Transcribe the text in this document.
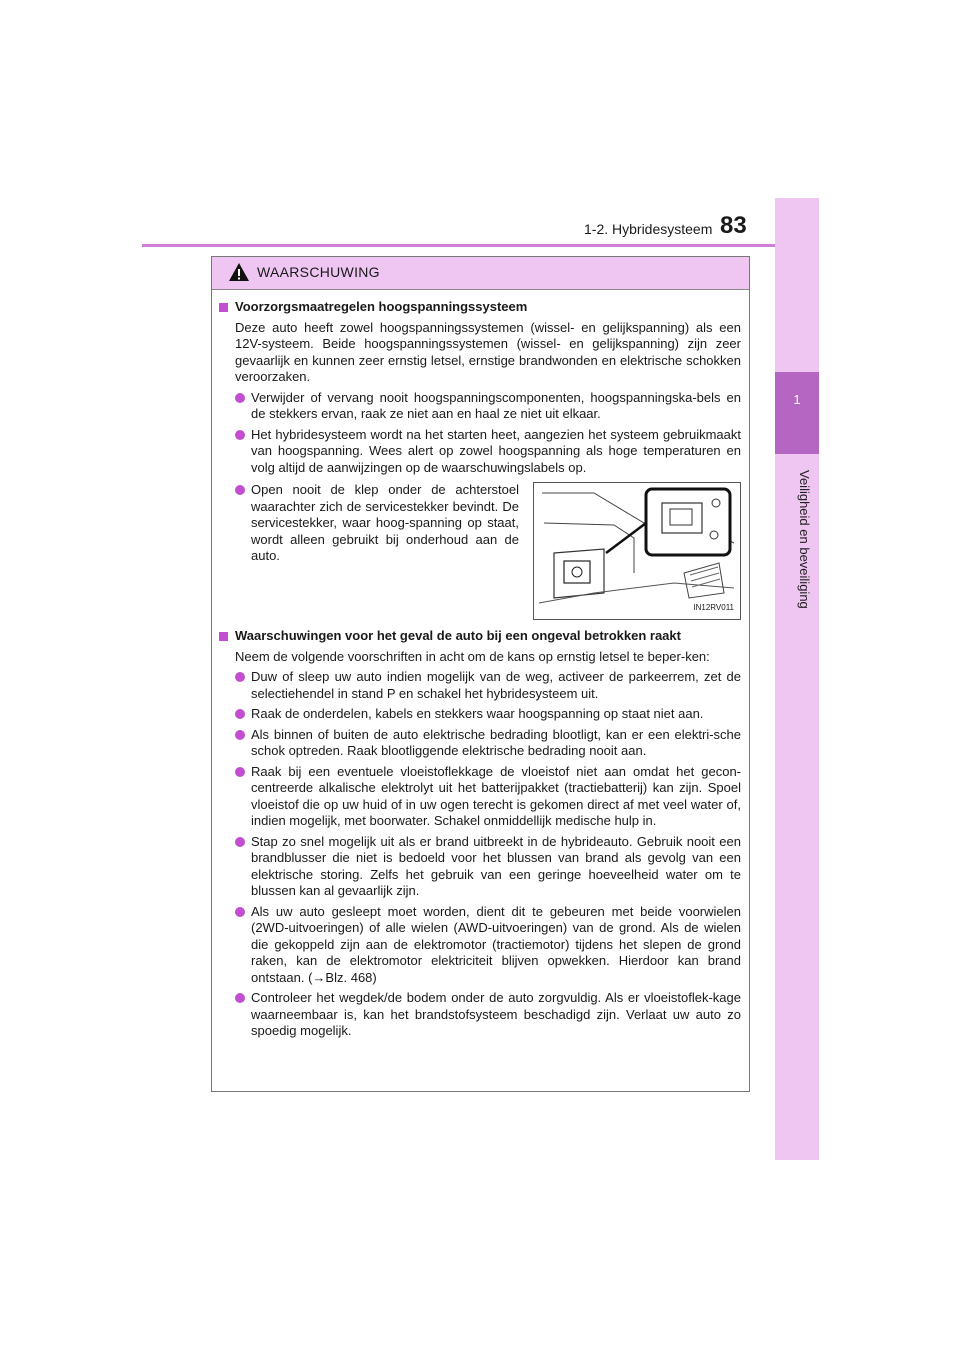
1-2. Hybridesysteem 83
1
Veiligheid en beveiliging
WAARSCHUWING
Voorzorgsmaatregelen hoogspanningssysteem
Deze auto heeft zowel hoogspanningssystemen (wissel- en gelijkspanning) als een 12V-systeem. Beide hoogspanningssystemen (wissel- en gelijkspanning) zijn zeer gevaarlijk en kunnen zeer ernstig letsel, ernstige brandwonden en elektrische schokken veroorzaken.
Verwijder of vervang nooit hoogspanningscomponenten, hoogspanningska-bels en de stekkers ervan, raak ze niet aan en haal ze niet uit elkaar.
Het hybridesysteem wordt na het starten heet, aangezien het systeem gebruikmaakt van hoogspanning. Wees alert op zowel hoogspanning als hoge temperaturen en volg altijd de aanwijzingen op de waarschuwingslabels op.
Open nooit de klep onder de achterstoel waarachter zich de servicestekker bevindt. De servicestekker, waar hoog-spanning op staat, wordt alleen gebruikt bij onderhoud aan de auto.
IN12RV011
Waarschuwingen voor het geval de auto bij een ongeval betrokken raakt
Neem de volgende voorschriften in acht om de kans op ernstig letsel te beper-ken:
Duw of sleep uw auto indien mogelijk van de weg, activeer de parkeerrem, zet de selectiehendel in stand P en schakel het hybridesysteem uit.
Raak de onderdelen, kabels en stekkers waar hoogspanning op staat niet aan.
Als binnen of buiten de auto elektrische bedrading blootligt, kan er een elektri-sche schok optreden. Raak blootliggende elektrische bedrading nooit aan.
Raak bij een eventuele vloeistoflekkage de vloeistof niet aan omdat het gecon-centreerde alkalische elektrolyt uit het batterijpakket (tractiebatterij) kan zijn. Spoel vloeistof die op uw huid of in uw ogen terecht is gekomen direct af met veel water of, indien mogelijk, met boorwater. Schakel onmiddellijk medische hulp in.
Stap zo snel mogelijk uit als er brand uitbreekt in de hybrideauto. Gebruik nooit een brandblusser die niet is bedoeld voor het blussen van brand als gevolg van een elektrische storing. Zelfs het gebruik van een geringe hoeveelheid water om te blussen kan al gevaarlijk zijn.
Als uw auto gesleept moet worden, dient dit te gebeuren met beide voorwielen (2WD-uitvoeringen) of alle wielen (AWD-uitvoeringen) van de grond. Als de wielen die gekoppeld zijn aan de elektromotor (tractiemotor) tijdens het slepen de grond raken, kan de elektromotor elektriciteit blijven opwekken. Hierdoor kan brand ontstaan. (→Blz. 468)
Controleer het wegdek/de bodem onder de auto zorgvuldig. Als er vloeistoflek-kage waarneembaar is, kan het brandstofsysteem beschadigd zijn. Verlaat uw auto zo spoedig mogelijk.
